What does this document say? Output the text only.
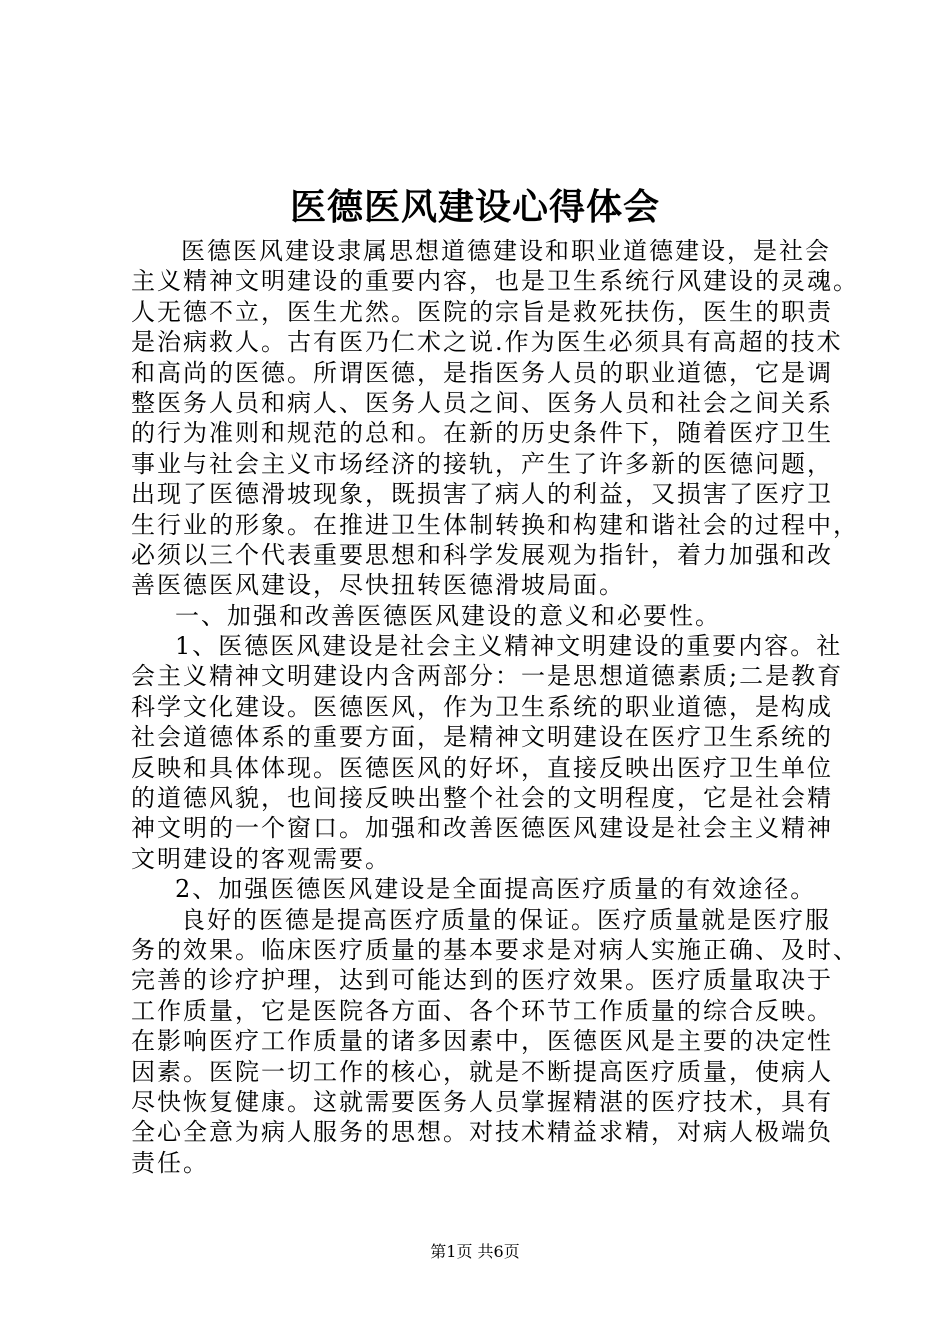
医德医风建设心得体会
医德医风建设隶属思想道德建设和职业道德建设，是社会
主义精神文明建设的重要内容，也是卫生系统行风建设的灵魂。
人无德不立，医生尤然。医院的宗旨是救死扶伤，医生的职责
是治病救人。古有医乃仁术之说.作为医生必须具有高超的技术
和高尚的医德。所谓医德，是指医务人员的职业道德，它是调
整医务人员和病人、医务人员之间、医务人员和社会之间关系
的行为准则和规范的总和。在新的历史条件下，随着医疗卫生
事业与社会主义市场经济的接轨，产生了许多新的医德问题，
出现了医德滑坡现象，既损害了病人的利益，又损害了医疗卫
生行业的形象。在推进卫生体制转换和构建和谐社会的过程中，
必须以三个代表重要思想和科学发展观为指针，着力加强和改
善医德医风建设，尽快扭转医德滑坡局面。
一、加强和改善医德医风建设的意义和必要性。
1、医德医风建设是社会主义精神文明建设的重要内容。社
会主义精神文明建设内含两部分：一是思想道德素质;二是教育
科学文化建设。医德医风，作为卫生系统的职业道德，是构成
社会道德体系的重要方面，是精神文明建设在医疗卫生系统的
反映和具体体现。医德医风的好坏，直接反映出医疗卫生单位
的道德风貌，也间接反映出整个社会的文明程度，它是社会精
神文明的一个窗口。加强和改善医德医风建设是社会主义精神
文明建设的客观需要。
2、加强医德医风建设是全面提高医疗质量的有效途径。
良好的医德是提高医疗质量的保证。医疗质量就是医疗服
务的效果。临床医疗质量的基本要求是对病人实施正确、及时、
完善的诊疗护理，达到可能达到的医疗效果。医疗质量取决于
工作质量，它是医院各方面、各个环节工作质量的综合反映。
在影响医疗工作质量的诸多因素中，医德医风是主要的决定性
因素。医院一切工作的核心，就是不断提高医疗质量，使病人
尽快恢复健康。这就需要医务人员掌握精湛的医疗技术，具有
全心全意为病人服务的思想。对技术精益求精，对病人极端负
责任。
第1页 共6页
